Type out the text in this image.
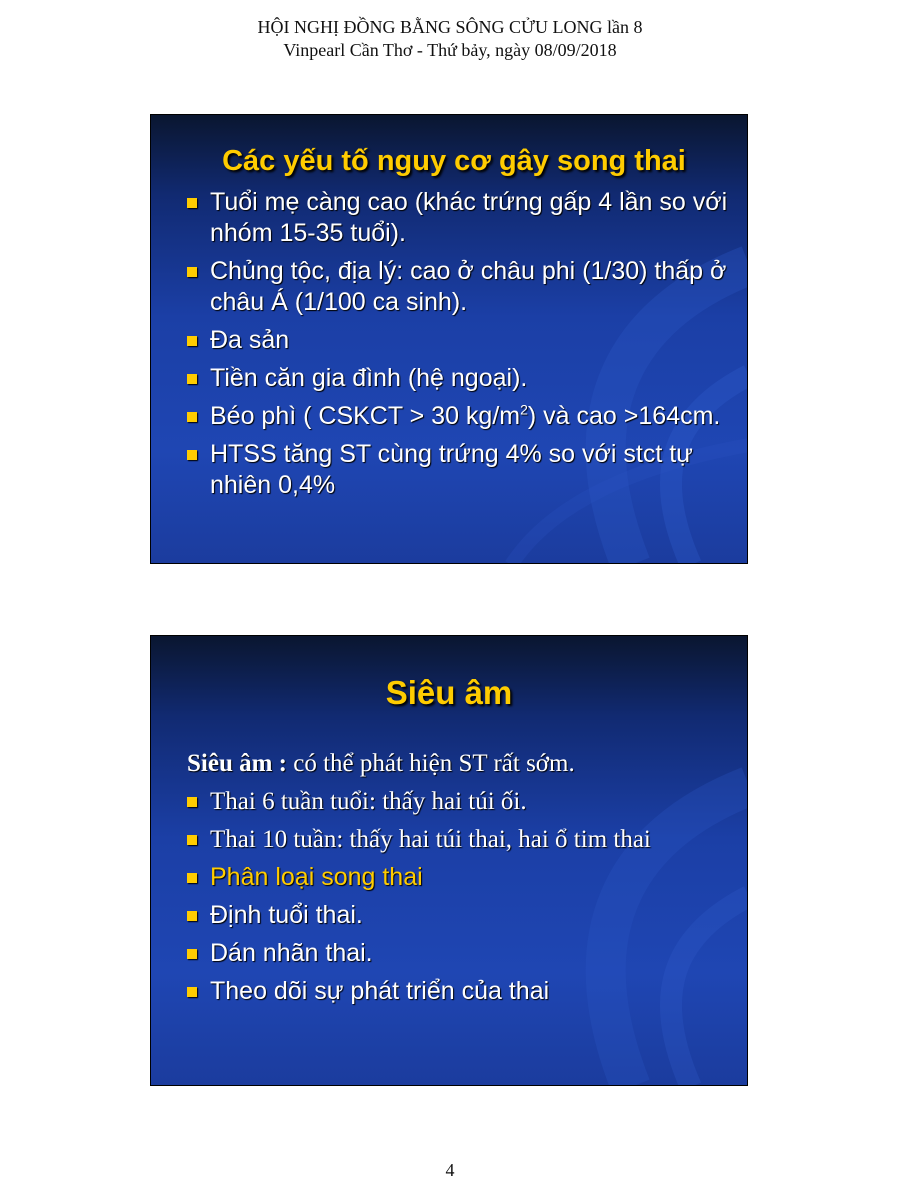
HỘI NGHỊ ĐỒNG BẰNG SÔNG CỬU LONG lần 8
Vinpearl Cần Thơ - Thứ bảy, ngày 08/09/2018
Các yếu tố nguy cơ gây song thai
Tuổi mẹ càng cao (khác trứng gấp 4 lần so với nhóm 15-35 tuổi).
Chủng tộc, địa lý: cao ở châu phi (1/30) thấp ở châu Á (1/100 ca sinh).
Đa sản
Tiền căn gia đình (hệ ngoại).
Béo phì ( CSKCT > 30 $kg/m^2$) và cao >164cm.
HTSS tăng ST cùng trứng 4% so với stct tự nhiên 0,4%
Siêu âm
Siêu âm : có thể phát hiện ST rất sớm.
Thai 6 tuần tuổi: thấy hai túi ối.
Thai 10 tuần: thấy hai túi thai, hai ổ tim thai
Phân loại song thai
Định tuổi thai.
Dán nhãn thai.
Theo dõi sự phát triển của thai
4
